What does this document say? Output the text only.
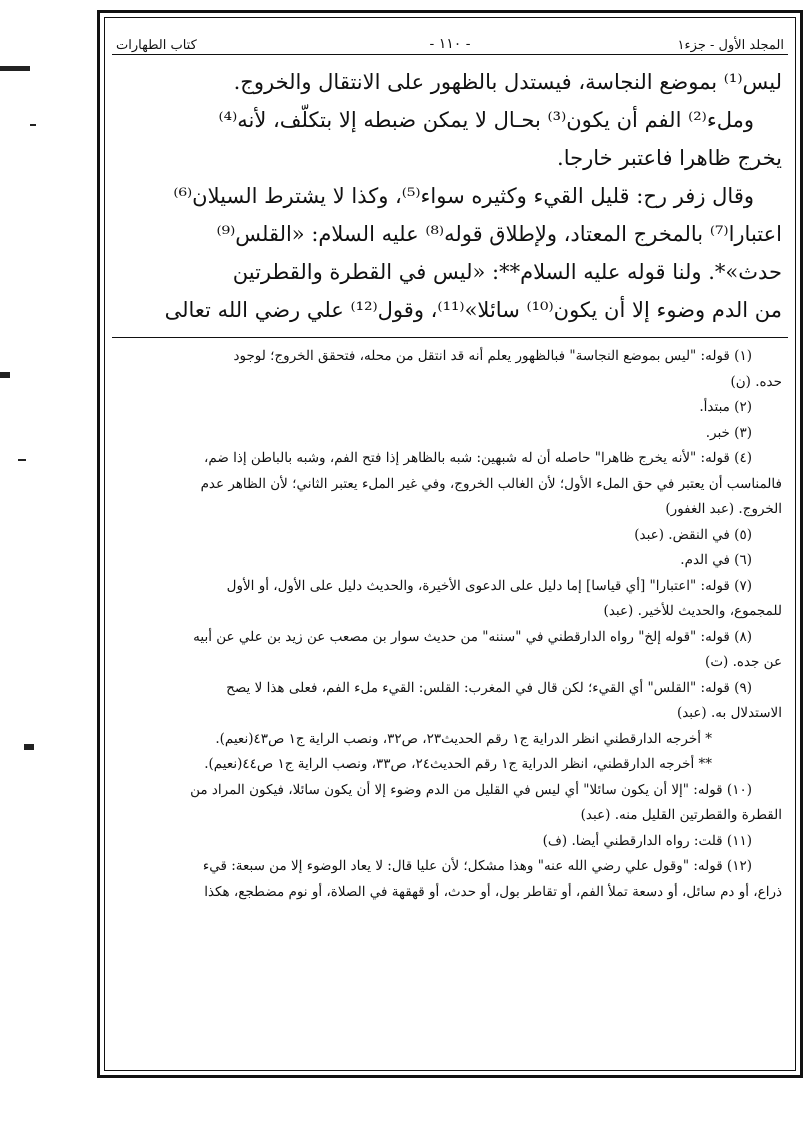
المجلد الأول - جزء١
- ١١٠ -
كتاب الطهارات

ليس⁽¹⁾ بموضع النجاسة، فيستدل بالظهور على الانتقال والخروج.

وملء⁽²⁾ الفم أن يكون⁽³⁾ بحـال لا يمكن ضبطه إلا بتكلّف، لأنه⁽⁴⁾

يخرج ظاهرا فاعتبر خارجا.

وقال زفر رح: قليل القيء وكثيره سواء⁽⁵⁾، وكذا لا يشترط السيلان⁽⁶⁾

اعتبارا⁽⁷⁾ بالمخرج المعتاد، ولإطلاق قوله⁽⁸⁾ عليه السلام: «القلس⁽⁹⁾

حدث»*. ولنا قوله عليه السلام**: «ليس في القطرة والقطرتين

من الدم وضوء إلا أن يكون⁽¹⁰⁾ سائلا»⁽¹¹⁾، وقول⁽¹²⁾ علي رضي الله تعالى

(١) قوله: "ليس بموضع النجاسة" فبالظهور يعلم أنه قد انتقل من محله، فتحقق الخروج؛ لوجود

حده. (ن)

(٢) مبتدأ.

(٣) خبر.

(٤) قوله: "لأنه يخرج ظاهرا" حاصله أن له شبهين: شبه بالظاهر إذا فتح الفم، وشبه بالباطن إذا ضم،

فالمناسب أن يعتبر في حق الملء الأول؛ لأن الغالب الخروج، وفي غير الملء يعتبر الثاني؛ لأن الظاهر عدم

الخروج. (عبد الغفور)

(٥) في النقض. (عبد)

(٦) في الدم.

(٧) قوله: "اعتبارا" [أي قياسا] إما دليل على الدعوى الأخيرة، والحديث دليل على الأول، أو الأول

للمجموع، والحديث للأخير. (عبد)

(٨) قوله: "قوله إلخ" رواه الدارقطني في "سننه" من حديث سوار بن مصعب عن زيد بن علي عن أبيه

عن جده. (ت)

(٩) قوله: "القلس" أي القيء؛ لكن قال في المغرب: القلس: القيء ملء الفم، فعلى هذا لا يصح

الاستدلال به. (عبد)

* أخرجه الدارقطني انظر الدراية ج١ رقم الحديث٢٣، ص٣٢، ونصب الراية ج١ ص٤٣(نعيم).

** أخرجه الدارقطني، انظر الدراية ج١ رقم الحديث٢٤، ص٣٣، ونصب الراية ج١ ص٤٤(نعيم).

(١٠) قوله: "إلا أن يكون سائلا" أي ليس في القليل من الدم وضوء إلا أن يكون سائلا، فيكون المراد من

القطرة والقطرتين القليل منه. (عبد)

(١١) قلت: رواه الدارقطني أيضا. (ف)

(١٢) قوله: "وقول علي رضي الله عنه" وهذا مشكل؛ لأن عليا قال: لا يعاد الوضوء إلا من سبعة: قيء

ذراع، أو دم سائل، أو دسعة تملأ الفم، أو تقاطر بول، أو حدث، أو قهقهة في الصلاة، أو نوم مضطجع، هكذا
